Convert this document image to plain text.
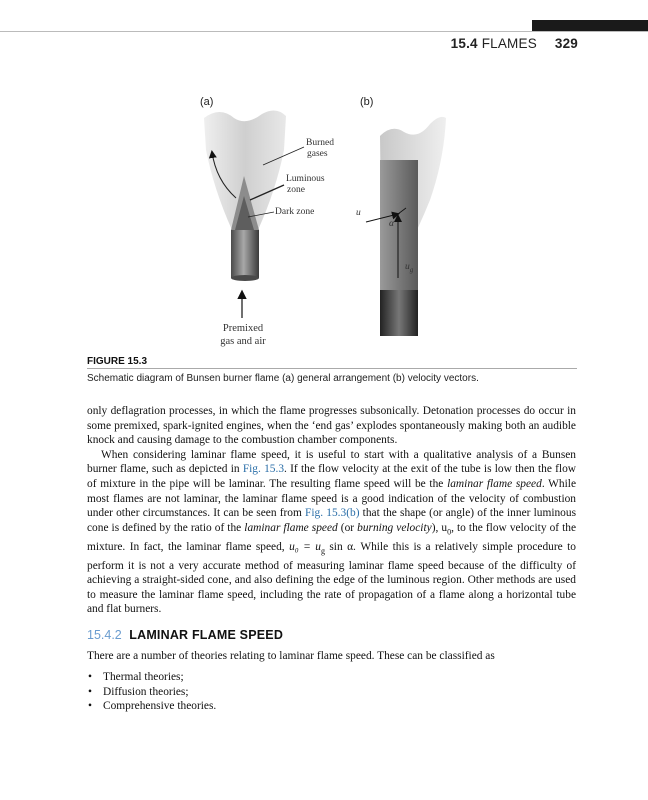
15.4 FLAMES 329
(a)	(b)
Burned
gases
Luminous
zone
Dark zone
Premixed
gas and air
u
α
$u_g$
FIGURE 15.3
Schematic diagram of Bunsen burner flame (a) general arrangement (b) velocity vectors.

only deflagration processes, in which the flame progresses subsonically. Detonation processes do occur in some premixed, spark-ignited engines, when the ‘end gas’ explodes spontaneously making both an audible knock and causing damage to the combustion chamber components.

When considering laminar flame speed, it is useful to start with a qualitative analysis of a Bunsen burner flame, such as depicted in Fig. 15.3. If the flow velocity at the exit of the tube is low then the flow of mixture in the pipe will be laminar. The resulting flame speed will be the laminar flame speed. While most flames are not laminar, the laminar flame speed is a good indication of the velocity of combustion under other circumstances. It can be seen from Fig. 15.3(b) that the shape (or angle) of the inner luminous cone is defined by the ratio of the laminar flame speed (or burning velocity), $u_0$, to the flow velocity of the mixture. In fact, the laminar flame speed, $u_0 = u_g$ sin α. While this is a relatively simple procedure to perform it is not a very accurate method of measuring laminar flame speed because of the difficulty of achieving a straight-sided cone, and also defining the edge of the luminous region. Other methods are used to measure the laminar flame speed, including the rate of propagation of a flame along a horizontal tube and flat burners.

15.4.2 LAMINAR FLAME SPEED
There are a number of theories relating to laminar flame speed. These can be classified as
• Thermal theories;
• Diffusion theories;
• Comprehensive theories.
